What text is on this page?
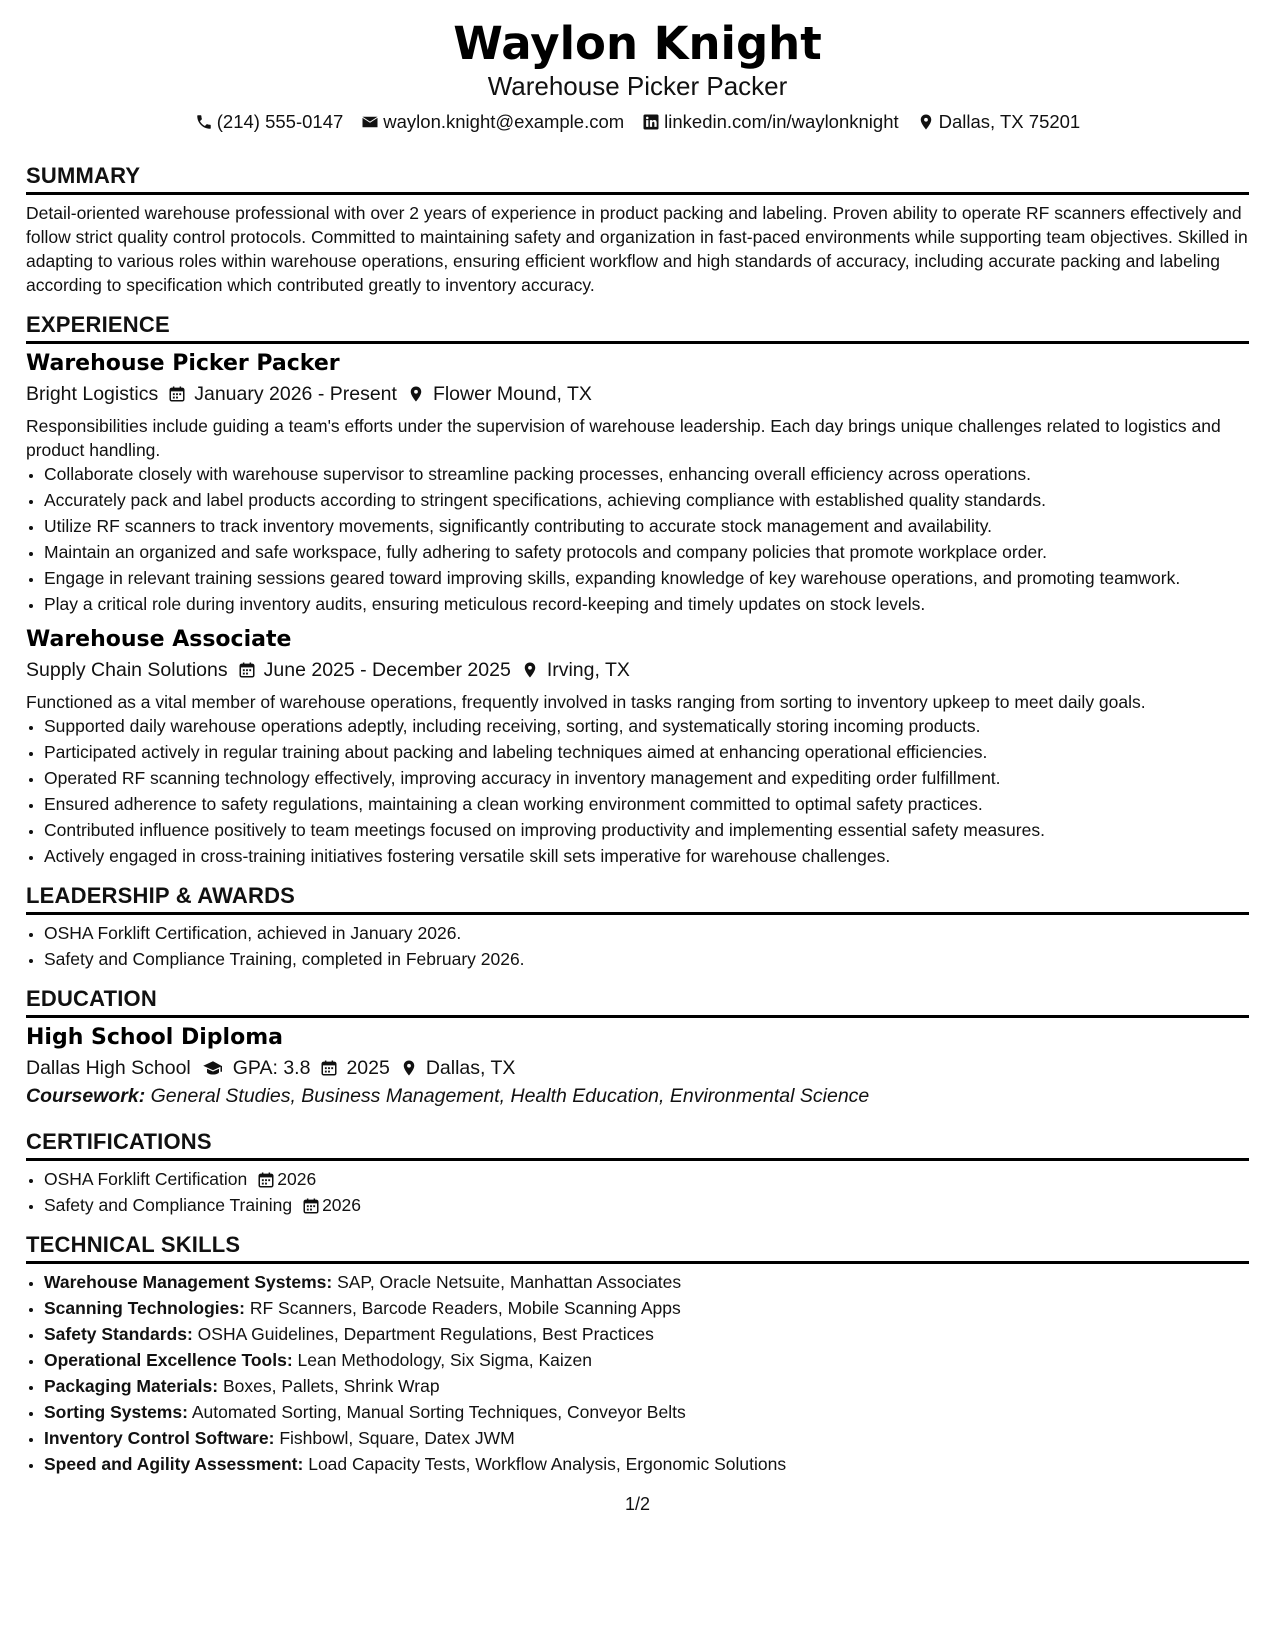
Waylon Knight
Warehouse Picker Packer
(214) 555-0147 waylon.knight@example.com linkedin.com/in/waylonknight Dallas, TX 75201
SUMMARY

Detail-oriented warehouse professional with over 2 years of experience in product packing and labeling. Proven ability to operate RF scanners effectively and follow strict quality control protocols. Committed to maintaining safety and organization in fast-paced environments while supporting team objectives. Skilled in adapting to various roles within warehouse operations, ensuring efficient workflow and high standards of accuracy, including accurate packing and labeling according to specification which contributed greatly to inventory accuracy.

EXPERIENCE
Warehouse Picker Packer
Bright Logistics January 2026 - Present Flower Mound, TX

Responsibilities include guiding a team's efforts under the supervision of warehouse leadership. Each day brings unique challenges related to logistics and product handling.

• Collaborate closely with warehouse supervisor to streamline packing processes, enhancing overall efficiency across operations.
• Accurately pack and label products according to stringent specifications, achieving compliance with established quality standards.
• Utilize RF scanners to track inventory movements, significantly contributing to accurate stock management and availability.
• Maintain an organized and safe workspace, fully adhering to safety protocols and company policies that promote workplace order.
• Engage in relevant training sessions geared toward improving skills, expanding knowledge of key warehouse operations, and promoting teamwork.
• Play a critical role during inventory audits, ensuring meticulous record-keeping and timely updates on stock levels.
Warehouse Associate
Supply Chain Solutions June 2025 - December 2025 Irving, TX

Functioned as a vital member of warehouse operations, frequently involved in tasks ranging from sorting to inventory upkeep to meet daily goals.

• Supported daily warehouse operations adeptly, including receiving, sorting, and systematically storing incoming products.
• Participated actively in regular training about packing and labeling techniques aimed at enhancing operational efficiencies.
• Operated RF scanning technology effectively, improving accuracy in inventory management and expediting order fulfillment.
• Ensured adherence to safety regulations, maintaining a clean working environment committed to optimal safety practices.
• Contributed influence positively to team meetings focused on improving productivity and implementing essential safety measures.
• Actively engaged in cross-training initiatives fostering versatile skill sets imperative for warehouse challenges.
LEADERSHIP & AWARDS
• OSHA Forklift Certification, achieved in January 2026.
• Safety and Compliance Training, completed in February 2026.
EDUCATION
High School Diploma
Dallas High School GPA: 3.8 2025 Dallas, TX

Coursework: General Studies, Business Management, Health Education, Environmental Science

CERTIFICATIONS
• OSHA Forklift Certification 2026
• Safety and Compliance Training 2026
TECHNICAL SKILLS
• Warehouse Management Systems: SAP, Oracle Netsuite, Manhattan Associates
• Scanning Technologies: RF Scanners, Barcode Readers, Mobile Scanning Apps
• Safety Standards: OSHA Guidelines, Department Regulations, Best Practices
• Operational Excellence Tools: Lean Methodology, Six Sigma, Kaizen
• Packaging Materials: Boxes, Pallets, Shrink Wrap
• Sorting Systems: Automated Sorting, Manual Sorting Techniques, Conveyor Belts
• Inventory Control Software: Fishbowl, Square, Datex JWM
• Speed and Agility Assessment: Load Capacity Tests, Workflow Analysis, Ergonomic Solutions
1/2
